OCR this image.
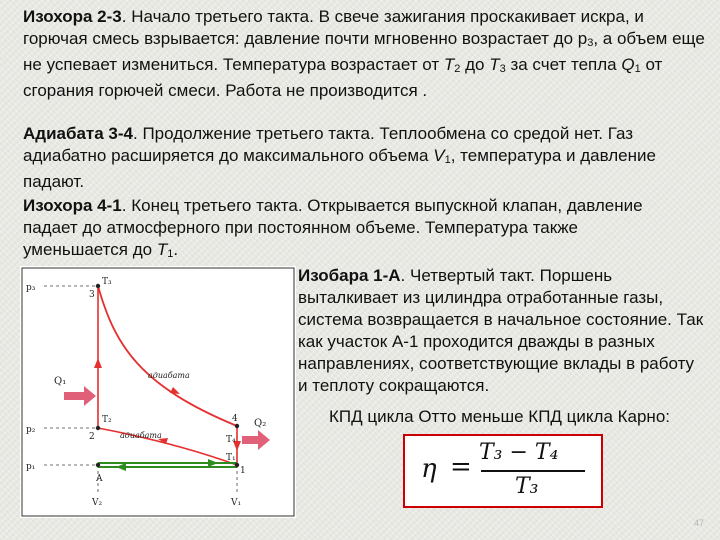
Изохора 2-3. Начало третьего такта. В свече зажигания проскакивает искра, и горючая смесь взрывается: давление почти мгновенно возрастает до $р_3$, а объем еще не успевает измениться. Температура возрастает от $Т_2$ до $Т_3$ за счет тепла $Q_1$ от сгорания горючей смеси. Работа не производится .

Адиабата 3-4. Продолжение третьего такта. Теплообмена со средой нет. Газ адиабатно расширяется до максимального объема $V_1$, температура и давление падают.

Изохора 4-1. Конец третьего такта. Открывается выпускной клапан, давление падает до атмосферного при постоянном объеме. Температура также уменьшается до $Т_1$.

Изобара 1-А. Четвертый такт. Поршень выталкивает из цилиндра отработанные газы, система возвращается в начальное состояние. Так как участок А-1 проходится дважды в разных направлениях, соответствующие вклады в работу и теплоту сокращаются.

КПД цикла Отто меньше КПД цикла Карно:

p₃
p₂
p₁
V₂	V₁
3
T₃
2
T₂	4
T₄
1
T₁
A
Q₁
Q₂
адиабата
адиабата
η = T₃ − T₄
T₃
47
